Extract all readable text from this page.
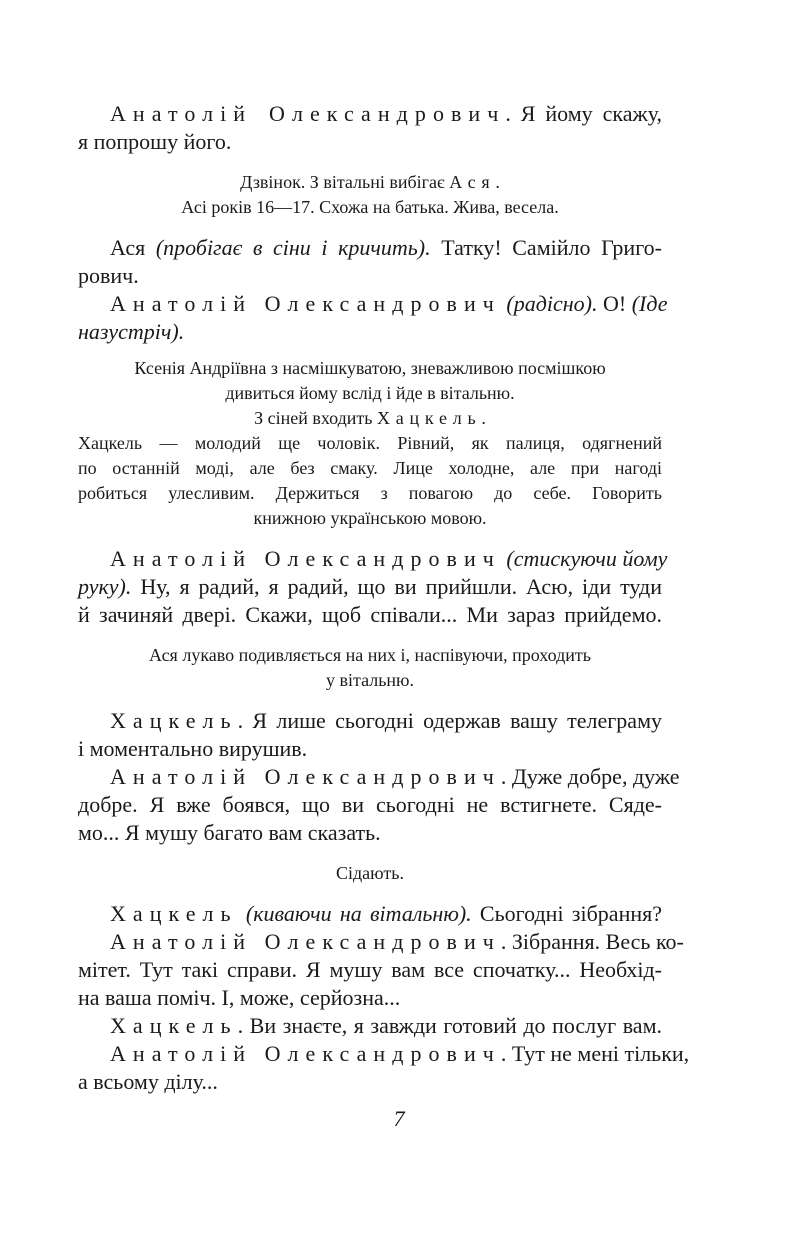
Анатолій Олександрович. Я йому скажу,
я попрошу його.
Дзвінок. З вітальні вибігає Ася.
Асі років 16—17. Схожа на батька. Жива, весела.
Ася (пробігає в сіни і кричить). Татку! Самійло Григо-
рович.
Анатолій Олександрович (радісно). О! (Іде
назустріч).
Ксенія Андріївна з насмішкуватою, зневажливою посмішкою
дивиться йому вслід і йде в вітальню.
З сіней входить Хацкель.
Хацкель — молодий ще чоловік. Рівний, як палиця, одягнений
по останній моді, але без смаку. Лице холодне, але при нагоді
робиться улесливим. Держиться з повагою до себе. Говорить
книжною українською мовою.
Анатолій Олександрович (стискуючи йому
руку). Ну, я радий, я радий, що ви прийшли. Асю, іди туди
й зачиняй двері. Скажи, щоб співали... Ми зараз прийдемо.
Ася лукаво подивляється на них і, наспівуючи, проходить
у вітальню.
Хацкель. Я лише сьогодні одержав вашу телеграму
і моментально вирушив.
Анатолій Олександрович. Дуже добре, дуже
добре. Я вже боявся, що ви сьогодні не встигнете. Сяде-
мо... Я мушу багато вам сказать.
Сідають.
Хацкель (киваючи на вітальню). Сьогодні зібрання?
Анатолій Олександрович. Зібрання. Весь ко-
мітет. Тут такі справи. Я мушу вам все спочатку... Необхід-
на ваша поміч. І, може, серйозна...
Хацкель. Ви знаєте, я завжди готовий до послуг вам.
Анатолій Олександрович. Тут не мені тільки,
а всьому ділу...
7
